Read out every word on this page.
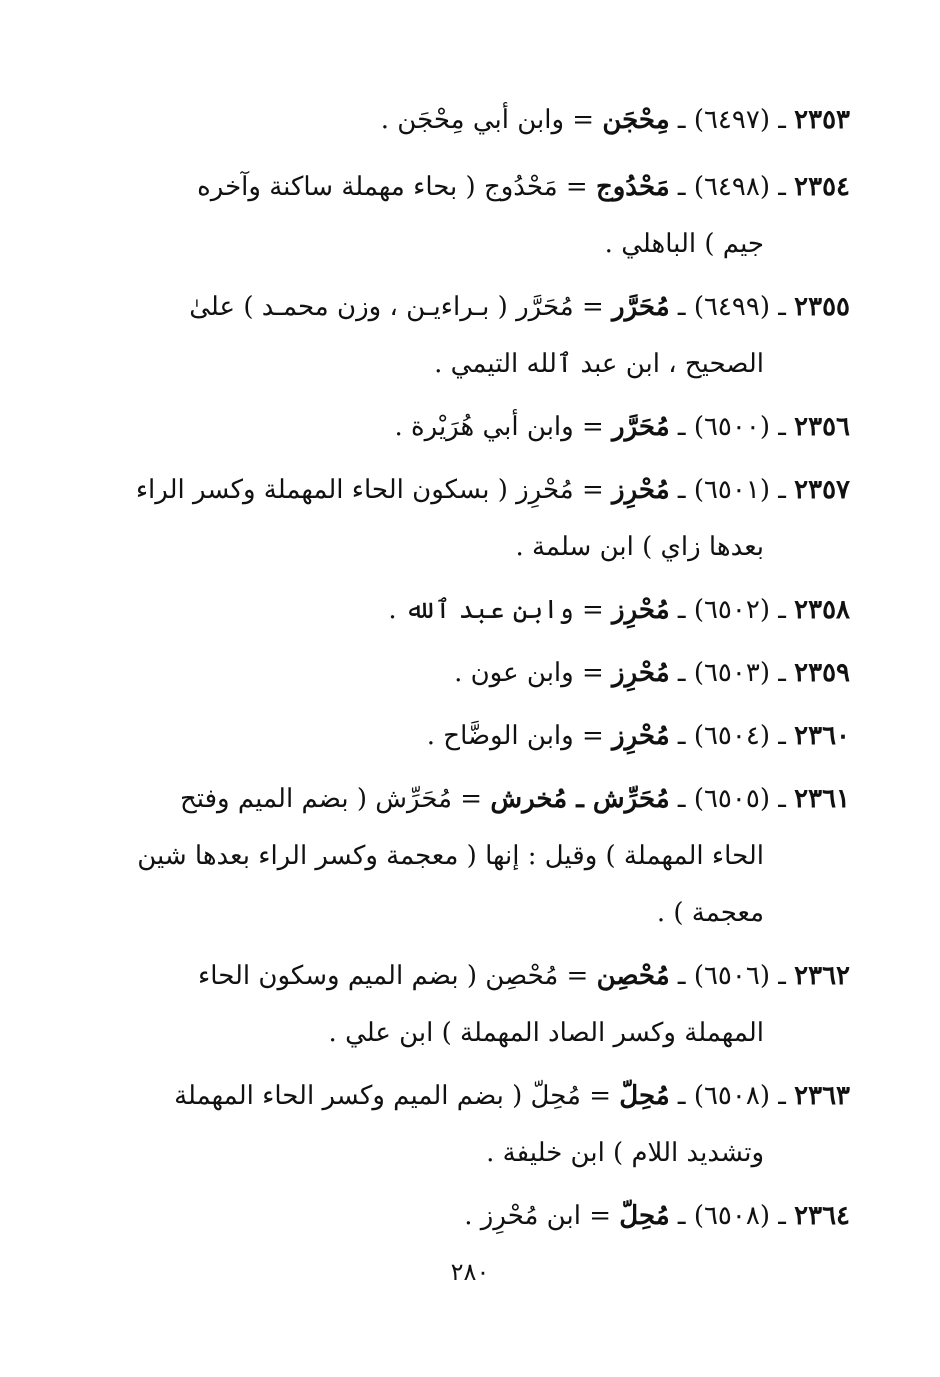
٢٣٥٣ ـ (٦٤٩٧) ـ مِحْجَن = وابن أبي مِحْجَن .
٢٣٥٤ ـ (٦٤٩٨) ـ مَحْدُوج = مَحْدُوج ( بحاء مهملة ساكنة وآخره
جيم ) الباهلي .
٢٣٥٥ ـ (٦٤٩٩) ـ مُحَرَّر = مُحَرَّر ( بـراءيـن ، وزن محمـد ) علىٰ
الصحيح ، ابن عبد ٱلله التيمي .
٢٣٥٦ ـ (٦٥٠٠) ـ مُحَرَّر = وابن أبي هُرَيْرة .
٢٣٥٧ ـ (٦٥٠١) ـ مُحْرِز = مُحْرِز ( بسكون الحاء المهملة وكسر الراء
بعدها زاي ) ابن سلمة .
٢٣٥٨ ـ (٦٥٠٢) ـ مُحْرِز = وابن عبد ٱلله .
٢٣٥٩ ـ (٦٥٠٣) ـ مُحْرِز = وابن عون .
٢٣٦٠ ـ (٦٥٠٤) ـ مُحْرِز = وابن الوضَّاح .
٢٣٦١ ـ (٦٥٠٥) ـ مُحَرِّش ـ مُخرش = مُحَرِّش ( بضم الميم وفتح
الحاء المهملة ) وقيل : إنها ( معجمة وكسر الراء بعدها شين
معجمة ) .
٢٣٦٢ ـ (٦٥٠٦) ـ مُحْصِن = مُحْصِن ( بضم الميم وسكون الحاء
المهملة وكسر الصاد المهملة ) ابن علي .
٢٣٦٣ ـ (٦٥٠٨) ـ مُحِلّ = مُحِلّ ( بضم الميم وكسر الحاء المهملة
وتشديد اللام ) ابن خليفة .
٢٣٦٤ ـ (٦٥٠٨) ـ مُحِلّ = ابن مُحْرِز .
٢٨٠
